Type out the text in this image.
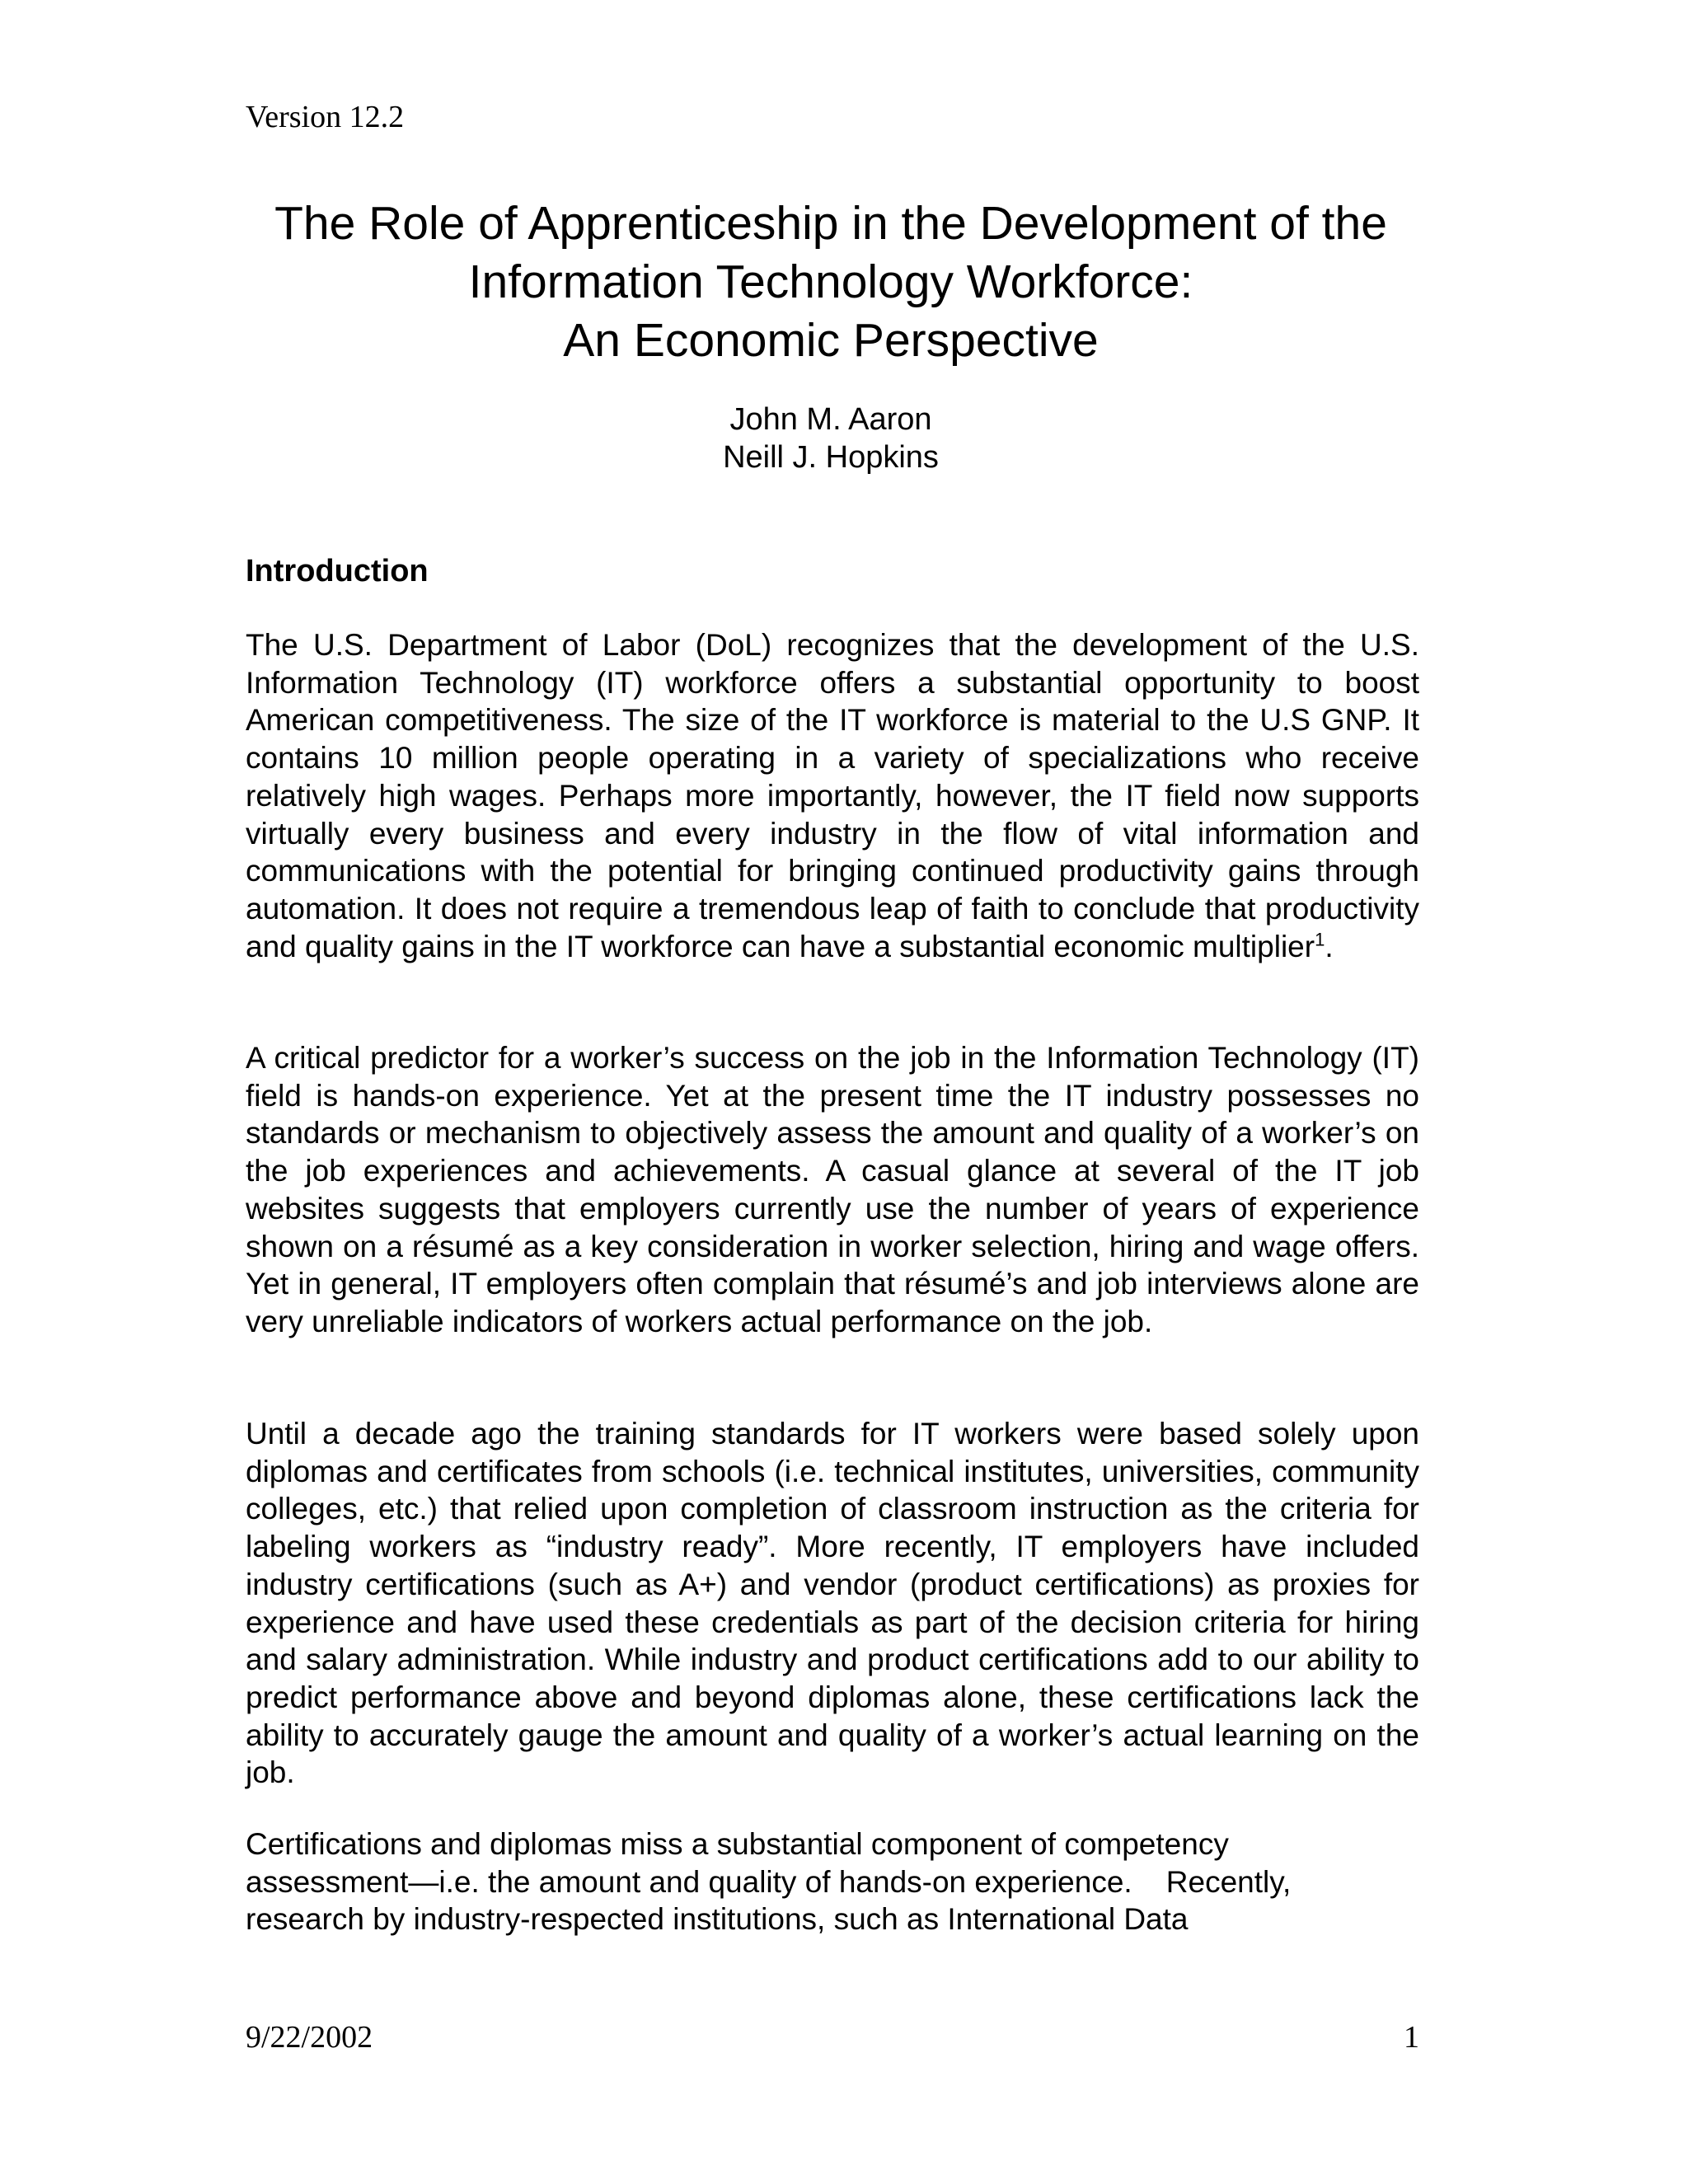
Version 12.2

The Role of Apprenticeship in the Development of the
Information Technology Workforce:
An Economic Perspective
John M. Aaron
Neill J. Hopkins
Introduction

The U.S. Department of Labor (DoL) recognizes that the development of the U.S. Information Technology (IT) workforce offers a substantial opportunity to boost American competitiveness. The size of the IT workforce is material to the U.S GNP. It contains 10 million people operating in a variety of specializations who receive relatively high wages. Perhaps more importantly, however, the IT field now supports virtually every business and every industry in the flow of vital information and communications with the potential for bringing continued productivity gains through automation. It does not require a tremendous leap of faith to conclude that productivity and quality gains in the IT workforce can have a substantial economic multiplier$^1$.

A critical predictor for a worker’s success on the job in the Information Technology (IT) field is hands-on experience. Yet at the present time the IT industry possesses no standards or mechanism to objectively assess the amount and quality of a worker’s on the job experiences and achievements. A casual glance at several of the IT job websites suggests that employers currently use the number of years of experience shown on a résumé as a key consideration in worker selection, hiring and wage offers. Yet in general, IT employers often complain that résumé’s and job interviews alone are very unreliable indicators of workers actual performance on the job.

Until a decade ago the training standards for IT workers were based solely upon diplomas and certificates from schools (i.e. technical institutes, universities, community colleges, etc.) that relied upon completion of classroom instruction as the criteria for labeling workers as “industry ready”. More recently, IT employers have included industry certifications (such as A+) and vendor (product certifications) as proxies for experience and have used these credentials as part of the decision criteria for hiring and salary administration. While industry and product certifications add to our ability to predict performance above and beyond diplomas alone, these certifications lack the ability to accurately gauge the amount and quality of a worker’s actual learning on the job.

Certifications and diplomas miss a substantial component of competency
assessment—i.e. the amount and quality of hands-on experience.    Recently,
research by industry-respected institutions, such as International Data

9/22/2002	1
